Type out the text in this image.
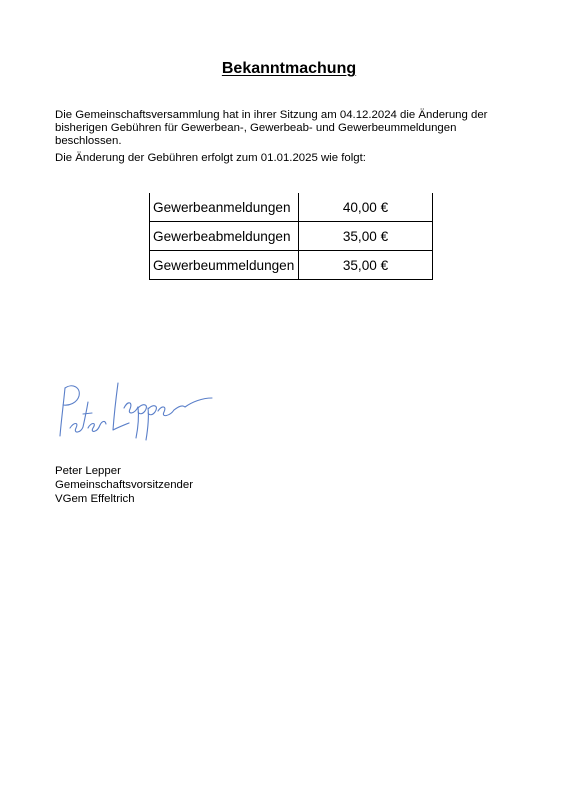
Bekanntmachung
Die Gemeinschaftsversammlung hat in ihrer Sitzung am 04.12.2024 die Änderung der bisherigen Gebühren für Gewerbean-, Gewerbeab- und Gewerbeummeldungen beschlossen.
Die Änderung der Gebühren erfolgt zum 01.01.2025 wie folgt:
Gewerbeanmeldungen	40,00 €
Gewerbeabmeldungen	35,00 €
Gewerbeummeldungen	35,00 €
Peter Lepper
Gemeinschaftsvorsitzender
VGem Effeltrich
